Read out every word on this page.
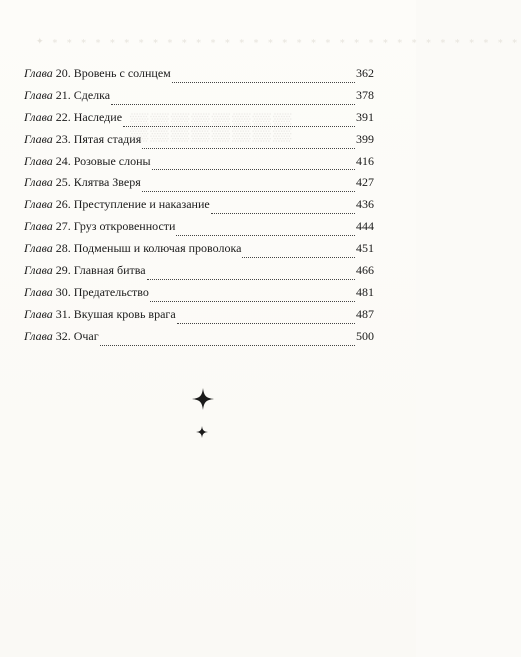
✦ ∗ ∗ ∗ ∗ ∗ ∗ ∗ ∗ ∗ ∗ ∗ ∗ ∗ ∗ ∗ ∗ ∗ ∗ ∗ ∗ ∗ ∗ ∗ ∗ ∗ ∗ ∗ ∗ ∗ ∗ ∗ ∗ ∗
▒▒▒▒▒▒▒▒
Глава 20. Вровень с солнцем	362
Глава 21. Сделка	378
Глава 22. Наследие	391
Глава 23. Пятая стадия	399
Глава 24. Розовые слоны	416
Глава 25. Клятва Зверя	427
Глава 26. Преступление и наказание	436
Глава 27. Груз откровенности	444
Глава 28. Подменыш и колючая проволока	451
Глава 29. Главная битва	466
Глава 30. Предательство	481
Глава 31. Вкушая кровь врага	487
Глава 32. Очаг	500
